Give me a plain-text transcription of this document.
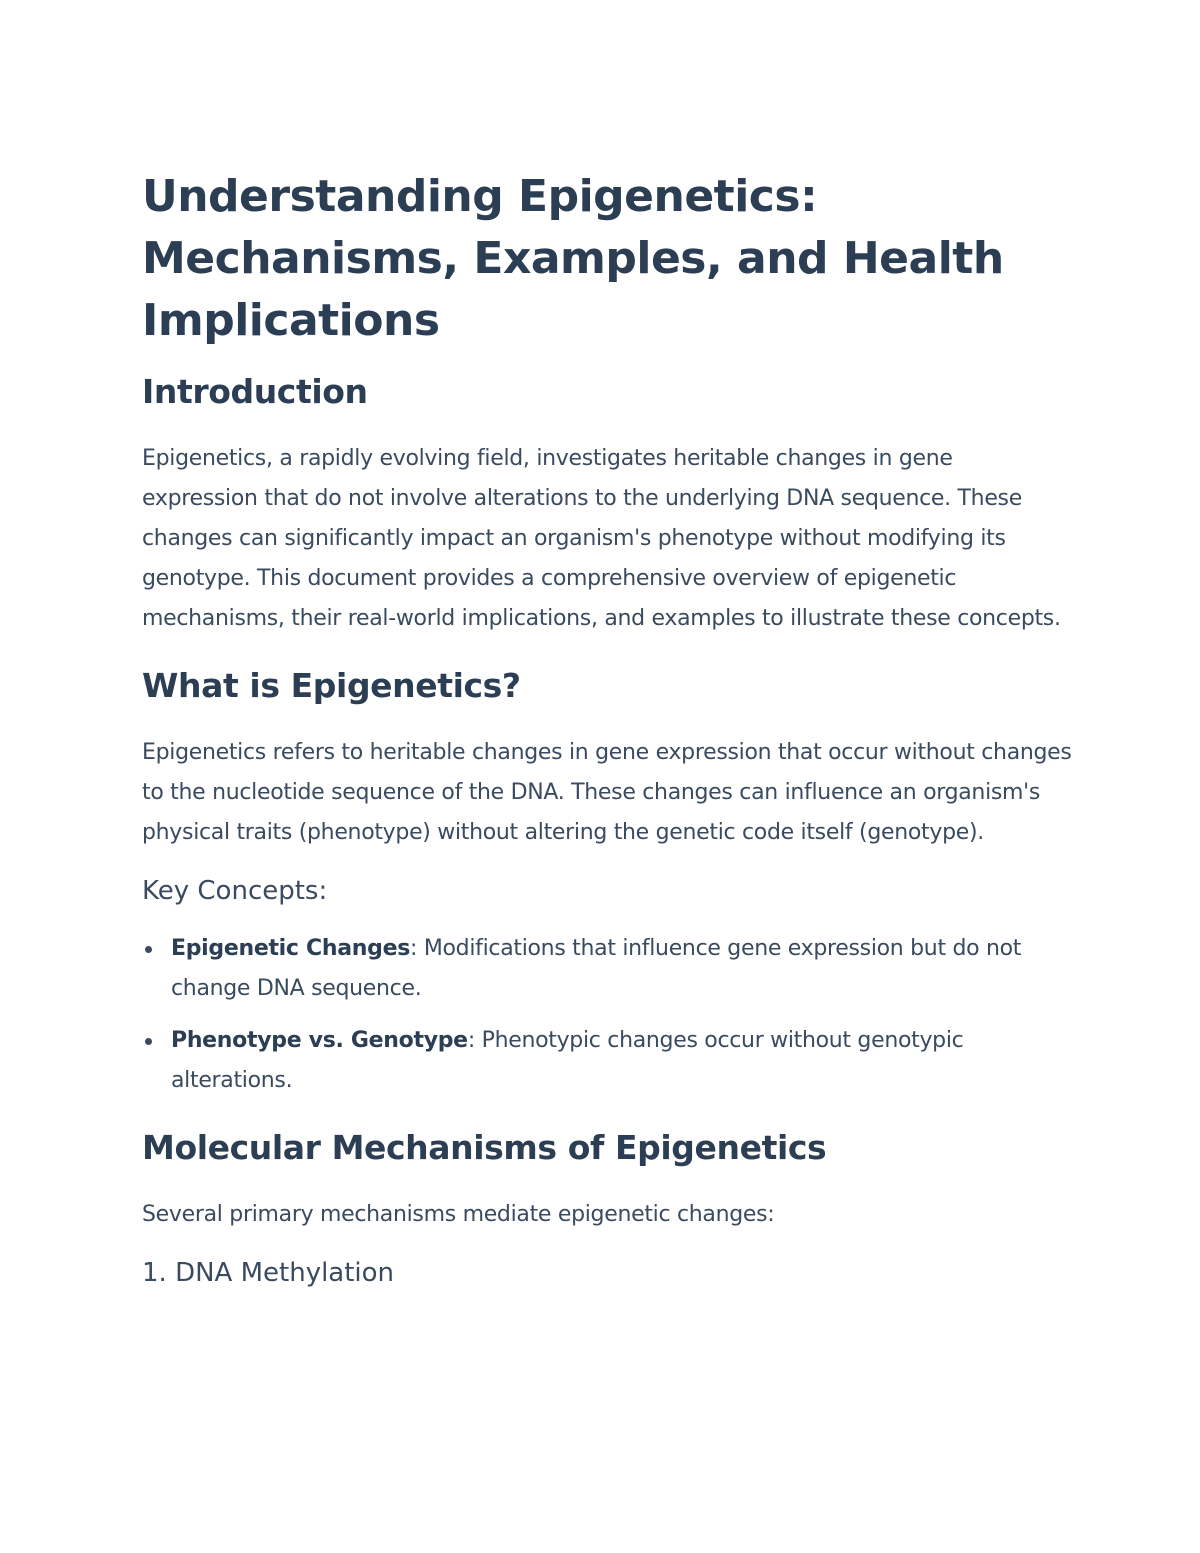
Understanding Epigenetics: Mechanisms, Examples, and Health Implications
Introduction

Epigenetics, a rapidly evolving field, investigates heritable changes in gene expression that do not involve alterations to the underlying DNA sequence. These changes can significantly impact an organism's phenotype without modifying its genotype. This document provides a comprehensive overview of epigenetic mechanisms, their real-world implications, and examples to illustrate these concepts.

What is Epigenetics?

Epigenetics refers to heritable changes in gene expression that occur without changes to the nucleotide sequence of the DNA. These changes can influence an organism's physical traits (phenotype) without altering the genetic code itself (genotype).

Key Concepts:
Epigenetic Changes: Modifications that influence gene expression but do not change DNA sequence.
Phenotype vs. Genotype: Phenotypic changes occur without genotypic alterations.
Molecular Mechanisms of Epigenetics

Several primary mechanisms mediate epigenetic changes:

1. DNA Methylation
